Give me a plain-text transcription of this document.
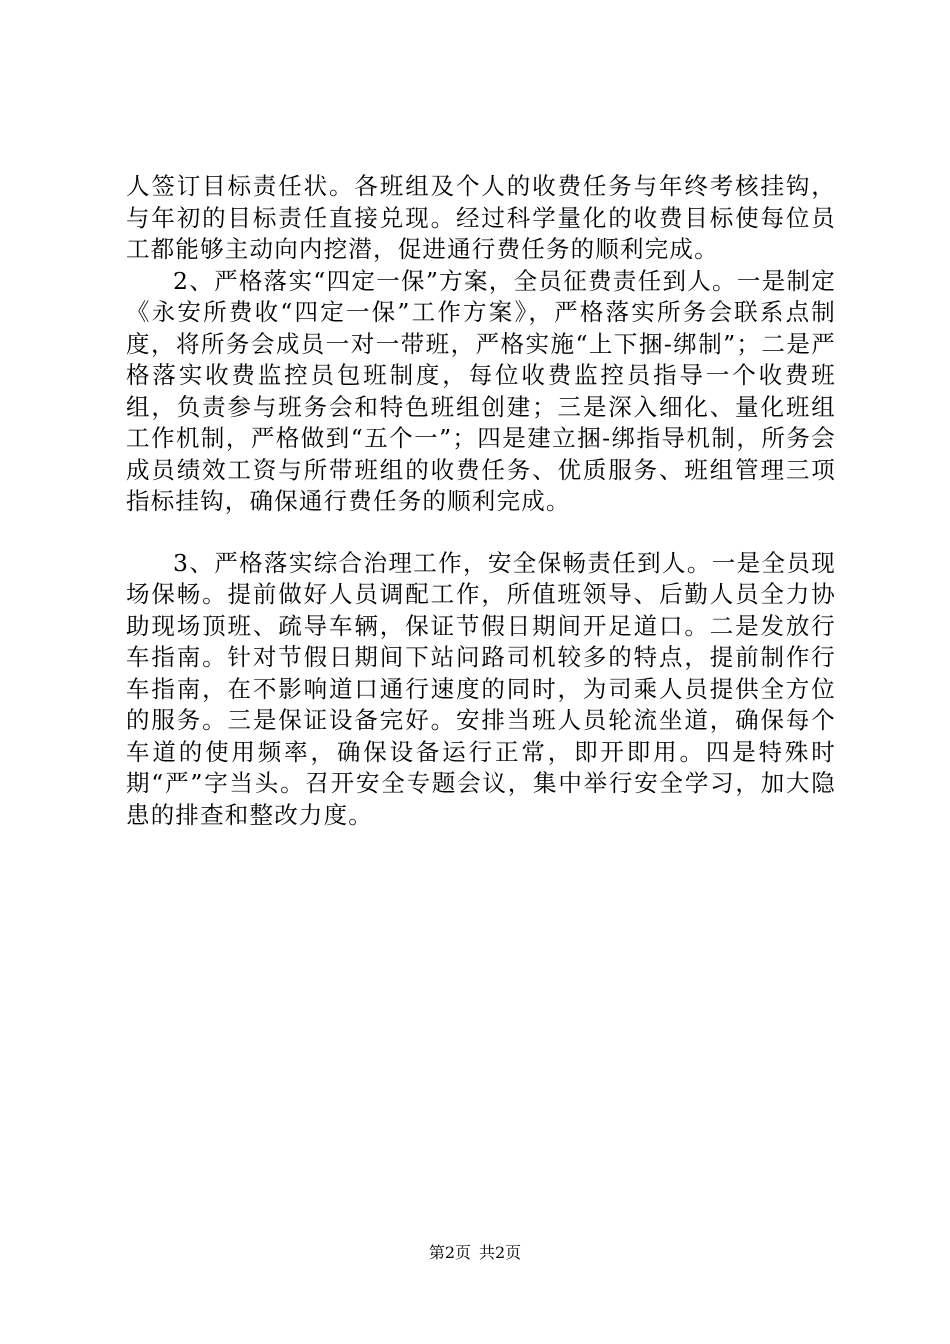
人签订目标责任状。各班组及个人的收费任务与年终考核挂钩，与年初的目标责任直接兑现。经过科学量化的收费目标使每位员工都能够主动向内挖潜，促进通行费任务的顺利完成。

2、严格落实“四定一保”方案，全员征费责任到人。一是制定《永安所费收“四定一保”工作方案》，严格落实所务会联系点制度，将所务会成员一对一带班，严格实施“上下捆-绑制”；二是严格落实收费监控员包班制度，每位收费监控员指导一个收费班组，负责参与班务会和特色班组创建；三是深入细化、量化班组工作机制，严格做到“五个一”；四是建立捆-绑指导机制，所务会成员绩效工资与所带班组的收费任务、优质服务、班组管理三项指标挂钩，确保通行费任务的顺利完成。

3、严格落实综合治理工作，安全保畅责任到人。一是全员现场保畅。提前做好人员调配工作，所值班领导、后勤人员全力协助现场顶班、疏导车辆，保证节假日期间开足道口。二是发放行车指南。针对节假日期间下站问路司机较多的特点，提前制作行车指南，在不影响道口通行速度的同时，为司乘人员提供全方位的服务。三是保证设备完好。安排当班人员轮流坐道，确保每个车道的使用频率，确保设备运行正常，即开即用。四是特殊时期“严”字当头。召开安全专题会议，集中举行安全学习，加大隐患的排查和整改力度。

第2页 共2页
